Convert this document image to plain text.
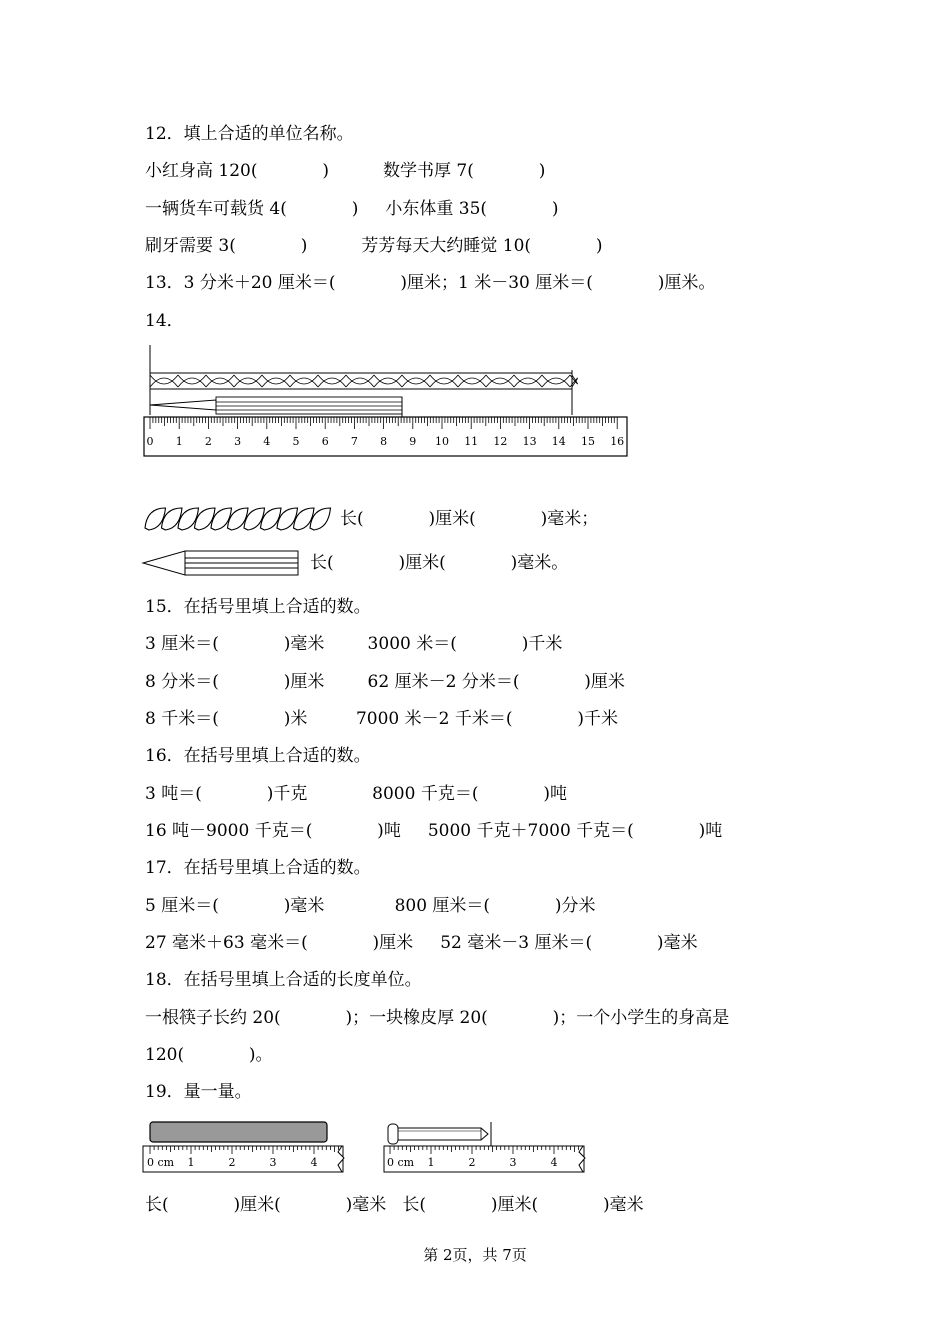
12．填上合适的单位名称。
小红身高 120(            )          数学书厚 7(            )
一辆货车可载货 4(            )     小东体重 35(            )
刷牙需要 3(            )          芳芳每天大约睡觉 10(            )
13．3 分米＋20 厘米＝(            )厘米；1 米－30 厘米＝(            )厘米。
14．
0 1 2 3 4 5 6 7 8 9 10 11 12 13 14 15 16
长(            )厘米(            )毫米；
长(            )厘米(            )毫米。
15．在括号里填上合适的数。
3 厘米＝(            )毫米        3000 米＝(            )千米
8 分米＝(            )厘米        62 厘米－2 分米＝(            )厘米
8 千米＝(            )米         7000 米－2 千米＝(            )千米
16．在括号里填上合适的数。
3 吨＝(            )千克            8000 千克＝(            )吨
16 吨－9000 千克＝(            )吨     5000 千克＋7000 千克＝(            )吨
17．在括号里填上合适的数。
5 厘米＝(            )毫米             800 厘米＝(            )分米
27 毫米＋63 毫米＝(            )厘米     52 毫米－3 厘米＝(            )毫米
18．在括号里填上合适的长度单位。
一根筷子长约 20(            )；一块橡皮厚 20(            )；一个小学生的身高是
120(            )。
19．量一量。
0 cm 1	2	3	4	0 cm 1	2	3	4
长(            )厘米(            )毫米   长(            )厘米(            )毫米
第 2页，共 7页
